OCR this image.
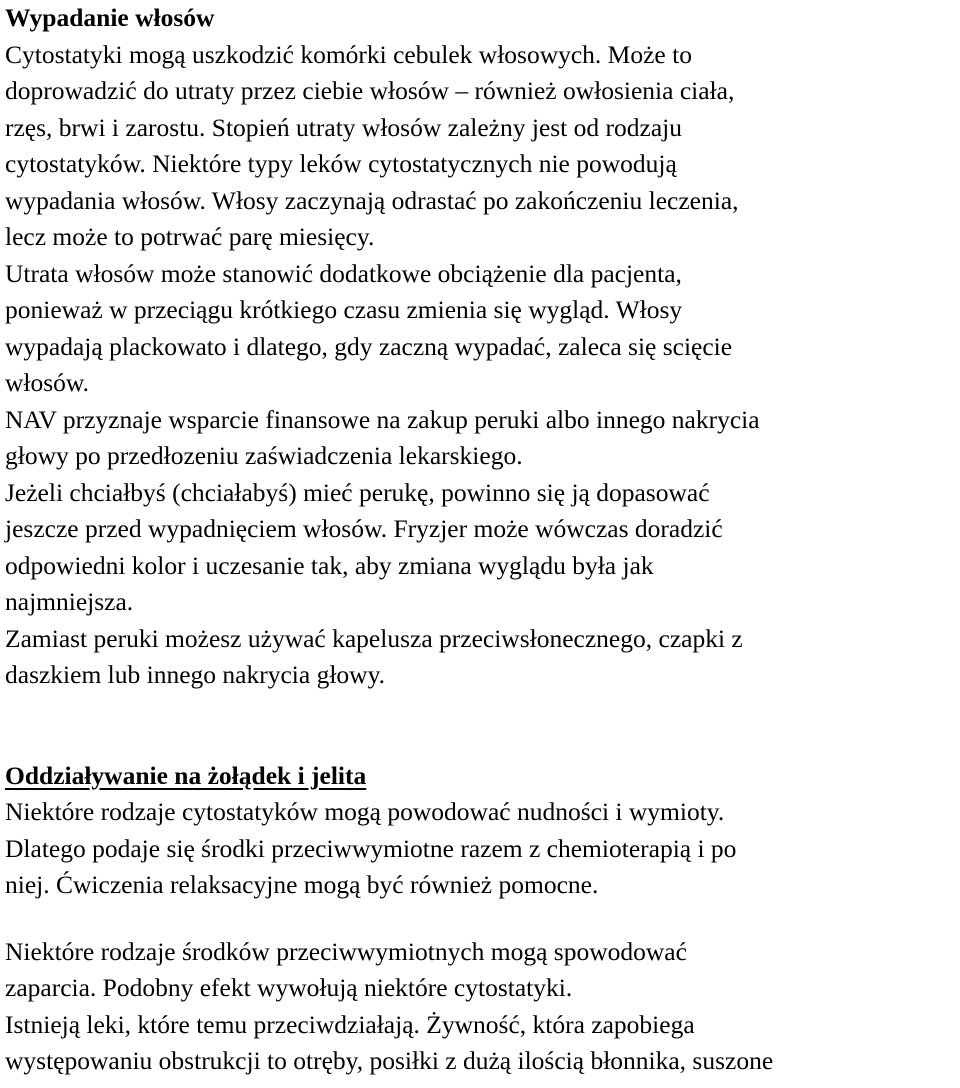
Wypadanie włosów
Cytostatyki mogą uszkodzić komórki cebulek włosowych. Może to
doprowadzić do utraty przez ciebie włosów – również owłosienia ciała,
rzęs, brwi i zarostu. Stopień utraty włosów zależny jest od rodzaju
cytostatyków. Niektóre typy leków cytostatycznych nie powodują
wypadania włosów. Włosy zaczynają odrastać po zakończeniu leczenia,
lecz może to potrwać parę miesięcy.
Utrata włosów może stanowić dodatkowe obciążenie dla pacjenta,
ponieważ w przeciągu krótkiego czasu zmienia się wygląd. Włosy
wypadają plackowato i dlatego, gdy zaczną wypadać, zaleca się scięcie
włosów.
NAV przyznaje wsparcie finansowe na zakup peruki albo innego nakrycia
głowy po przedłozeniu zaświadczenia lekarskiego.
Jeżeli chciałbyś (chciałabyś) mieć perukę, powinno się ją dopasować
jeszcze przed wypadnięciem włosów. Fryzjer może wówczas doradzić
odpowiedni kolor i uczesanie tak, aby zmiana wyglądu była jak
najmniejsza.
Zamiast peruki możesz używać kapelusza przeciwsłonecznego, czapki z
daszkiem lub innego nakrycia głowy.
Oddziaływanie na żołądek i jelita
Niektóre rodzaje cytostatyków mogą powodować nudności i wymioty.
Dlatego podaje się środki przeciwwymiotne razem z chemioterapią i po
niej. Ćwiczenia relaksacyjne mogą być również pomocne.
Niektóre rodzaje środków przeciwwymiotnych mogą spowodować
zaparcia. Podobny efekt wywołują niektóre cytostatyki.
Istnieją leki, które temu przeciwdziałają. Żywność, która zapobiega
występowaniu obstrukcji to otręby, posiłki z dużą ilością błonnika, suszone
